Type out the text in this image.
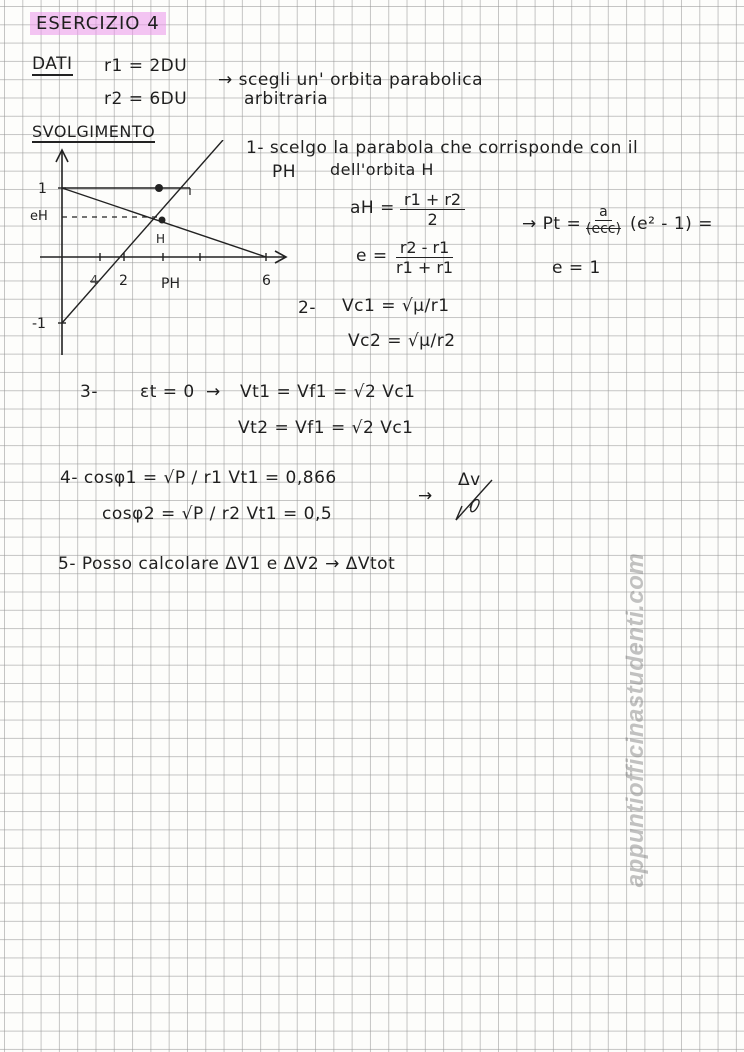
ESERCIZIO 4
DATI r1 = 2DU
r2 = 6DU
→ scegli un' orbita parabolica
arbitraria
SVOLGIMENTO
1
-1
eH
4 2	6
PH
H
1- scelgo la parabola che corrisponde con il
PH dell'orbita H
aH = $\frac{r1 + r2}{2}$	→ Pt =
a
(ecc) (e² - 1) =
e = 1
$e = \frac{r2 - r1}{r1 + r1}$
2- Vc1 = √μ/r1
Vc2 = √μ/r2
3- εt = 0 → Vt1 = Vf1 = √2 Vc1
Vt2 = Vf1 = √2 Vc1
4- cosφ1 = √P / r1 Vt1 = 0,866
cosφ2 = √P / r2 Vt1 = 0,5
→
Δv
5- Posso calcolare ΔV1 e ΔV2 → ΔVtot	appuntiofficinastudenti.com
